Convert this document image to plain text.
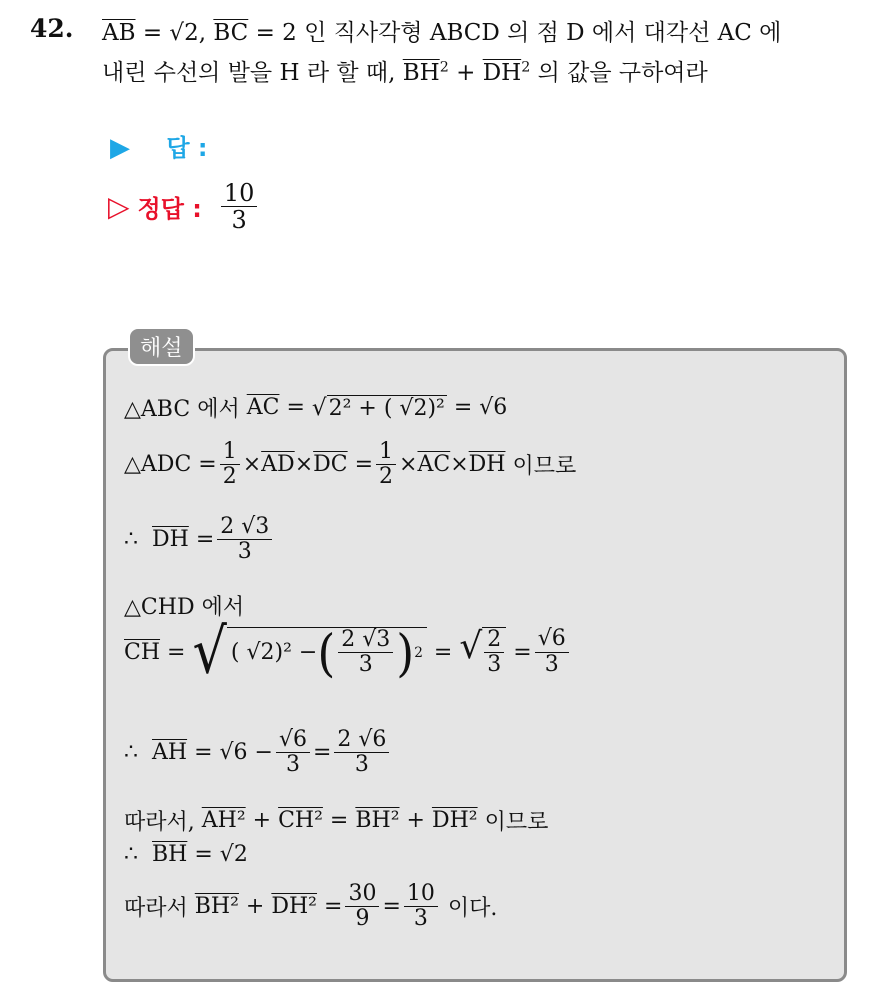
42. $\overline{AB} = √2$, $\overline{BC} = 2$ 인 직사각형 ABCD 의 점 D 에서 대각선 AC 에
내린 수선의 발을 H 라 할 때, $\overline{BH}^2 + \overline{DH}^2$ 의 값을 구하여라
▶ 답 :
▷ 정답 : $\frac{10}{3}$
해설
△ABC 에서
$\overline{AC}$
=
√2² + ( √2)²
=
√6
△ADC = $\frac{1}{2} \times \overline{AD} \times \overline{DC}$
= $\frac{1}{2} \times \overline{AC} \times \overline{DH}$
이므로
∴
$\overline{DH}$
= $\frac{2 √3}{3}$
△CHD 에서
$\overline{CH}$
=
√ ( √2)² − ( $\frac{2 √3}{3}$ ) 2
=
√ $\frac{2}{3}$
= $\frac{√6}{3}$
∴
$\overline{AH}$
=
$√6 - \frac{√6}{3} = \frac{2 √6}{3}$
따라서,
AH² + CH² = BH² + DH²
이므로
∴
$\overline{BH}$
=
√2
따라서
BH² + DH²
= $\frac{30}{9} = \frac{10}{3}$
이다.
